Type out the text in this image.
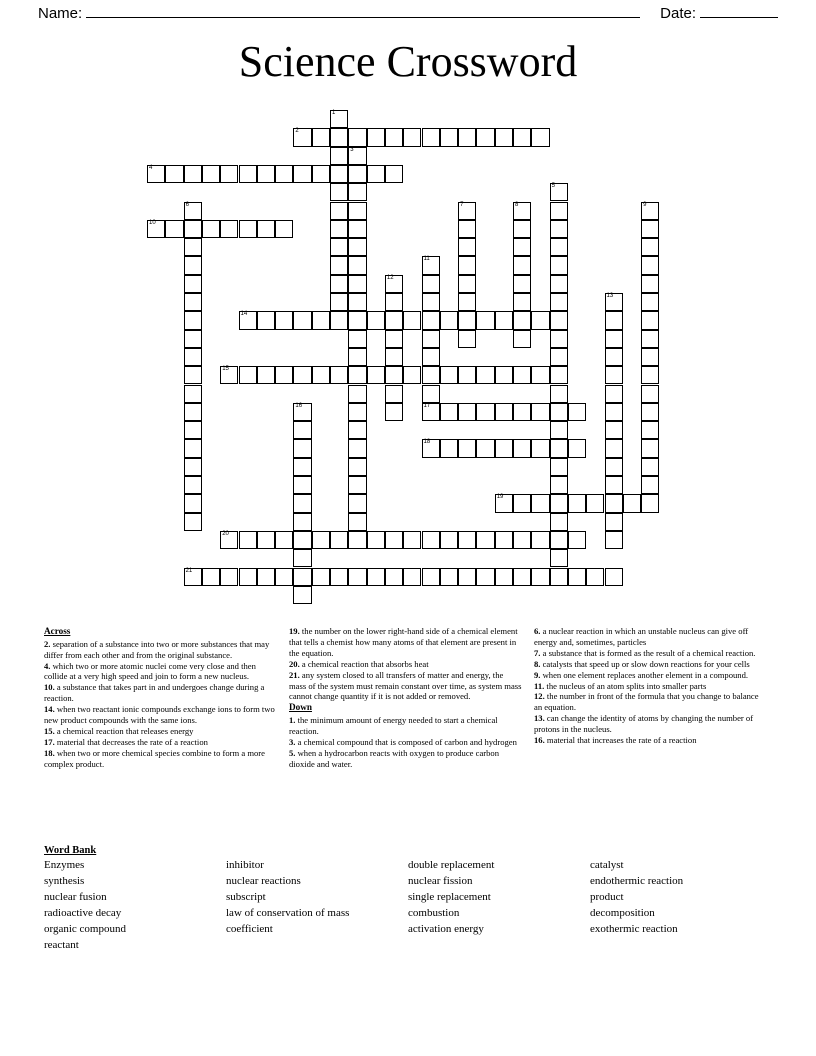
Name:	Date:
Science Crossword
1
2
3
4
5
6	7	8	9
10
11
12
13
14
15
16	17
18
19
20
21
Across
2. separation of a substance into two or more substances that may differ from each other and from the original substance.
4. which two or more atomic nuclei come very close and then collide at a very high speed and join to form a new nucleus.
10. a substance that takes part in and undergoes change during a reaction.
14. when two reactant ionic compounds exchange ions to form two new product compounds with the same ions.
15. a chemical reaction that releases energy
17. material that decreases the rate of a reaction
18. when two or more chemical species combine to form a more complex product.
19. the number on the lower right-hand side of a chemical element that tells a chemist how many atoms of that element are present in the equation.
20. a chemical reaction that absorbs heat
21. any system closed to all transfers of matter and energy, the mass of the system must remain constant over time, as system mass cannot change quantity if it is not added or removed.
Down
1. the minimum amount of energy needed to start a chemical reaction.
3. a chemical compound that is composed of carbon and hydrogen
5. when a hydrocarbon reacts with oxygen to produce carbon dioxide and water.
6. a nuclear reaction in which an unstable nucleus can give off energy and, sometimes, particles
7. a substance that is formed as the result of a chemical reaction.
8. catalysts that speed up or slow down reactions for your cells
9. when one element replaces another element in a compound.
11. the nucleus of an atom splits into smaller parts
12. the number in front of the formula that you change to balance an equation.
13. can change the identity of atoms by changing the number of protons in the nucleus.
16. material that increases the rate of a reaction
Word Bank
Enzymes
synthesis
nuclear fusion
radioactive decay
organic compound
reactant
inhibitor
nuclear reactions
subscript
law of conservation of mass
coefficient
double replacement
nuclear fission
single replacement
combustion
activation energy
catalyst
endothermic reaction
product
decomposition
exothermic reaction
